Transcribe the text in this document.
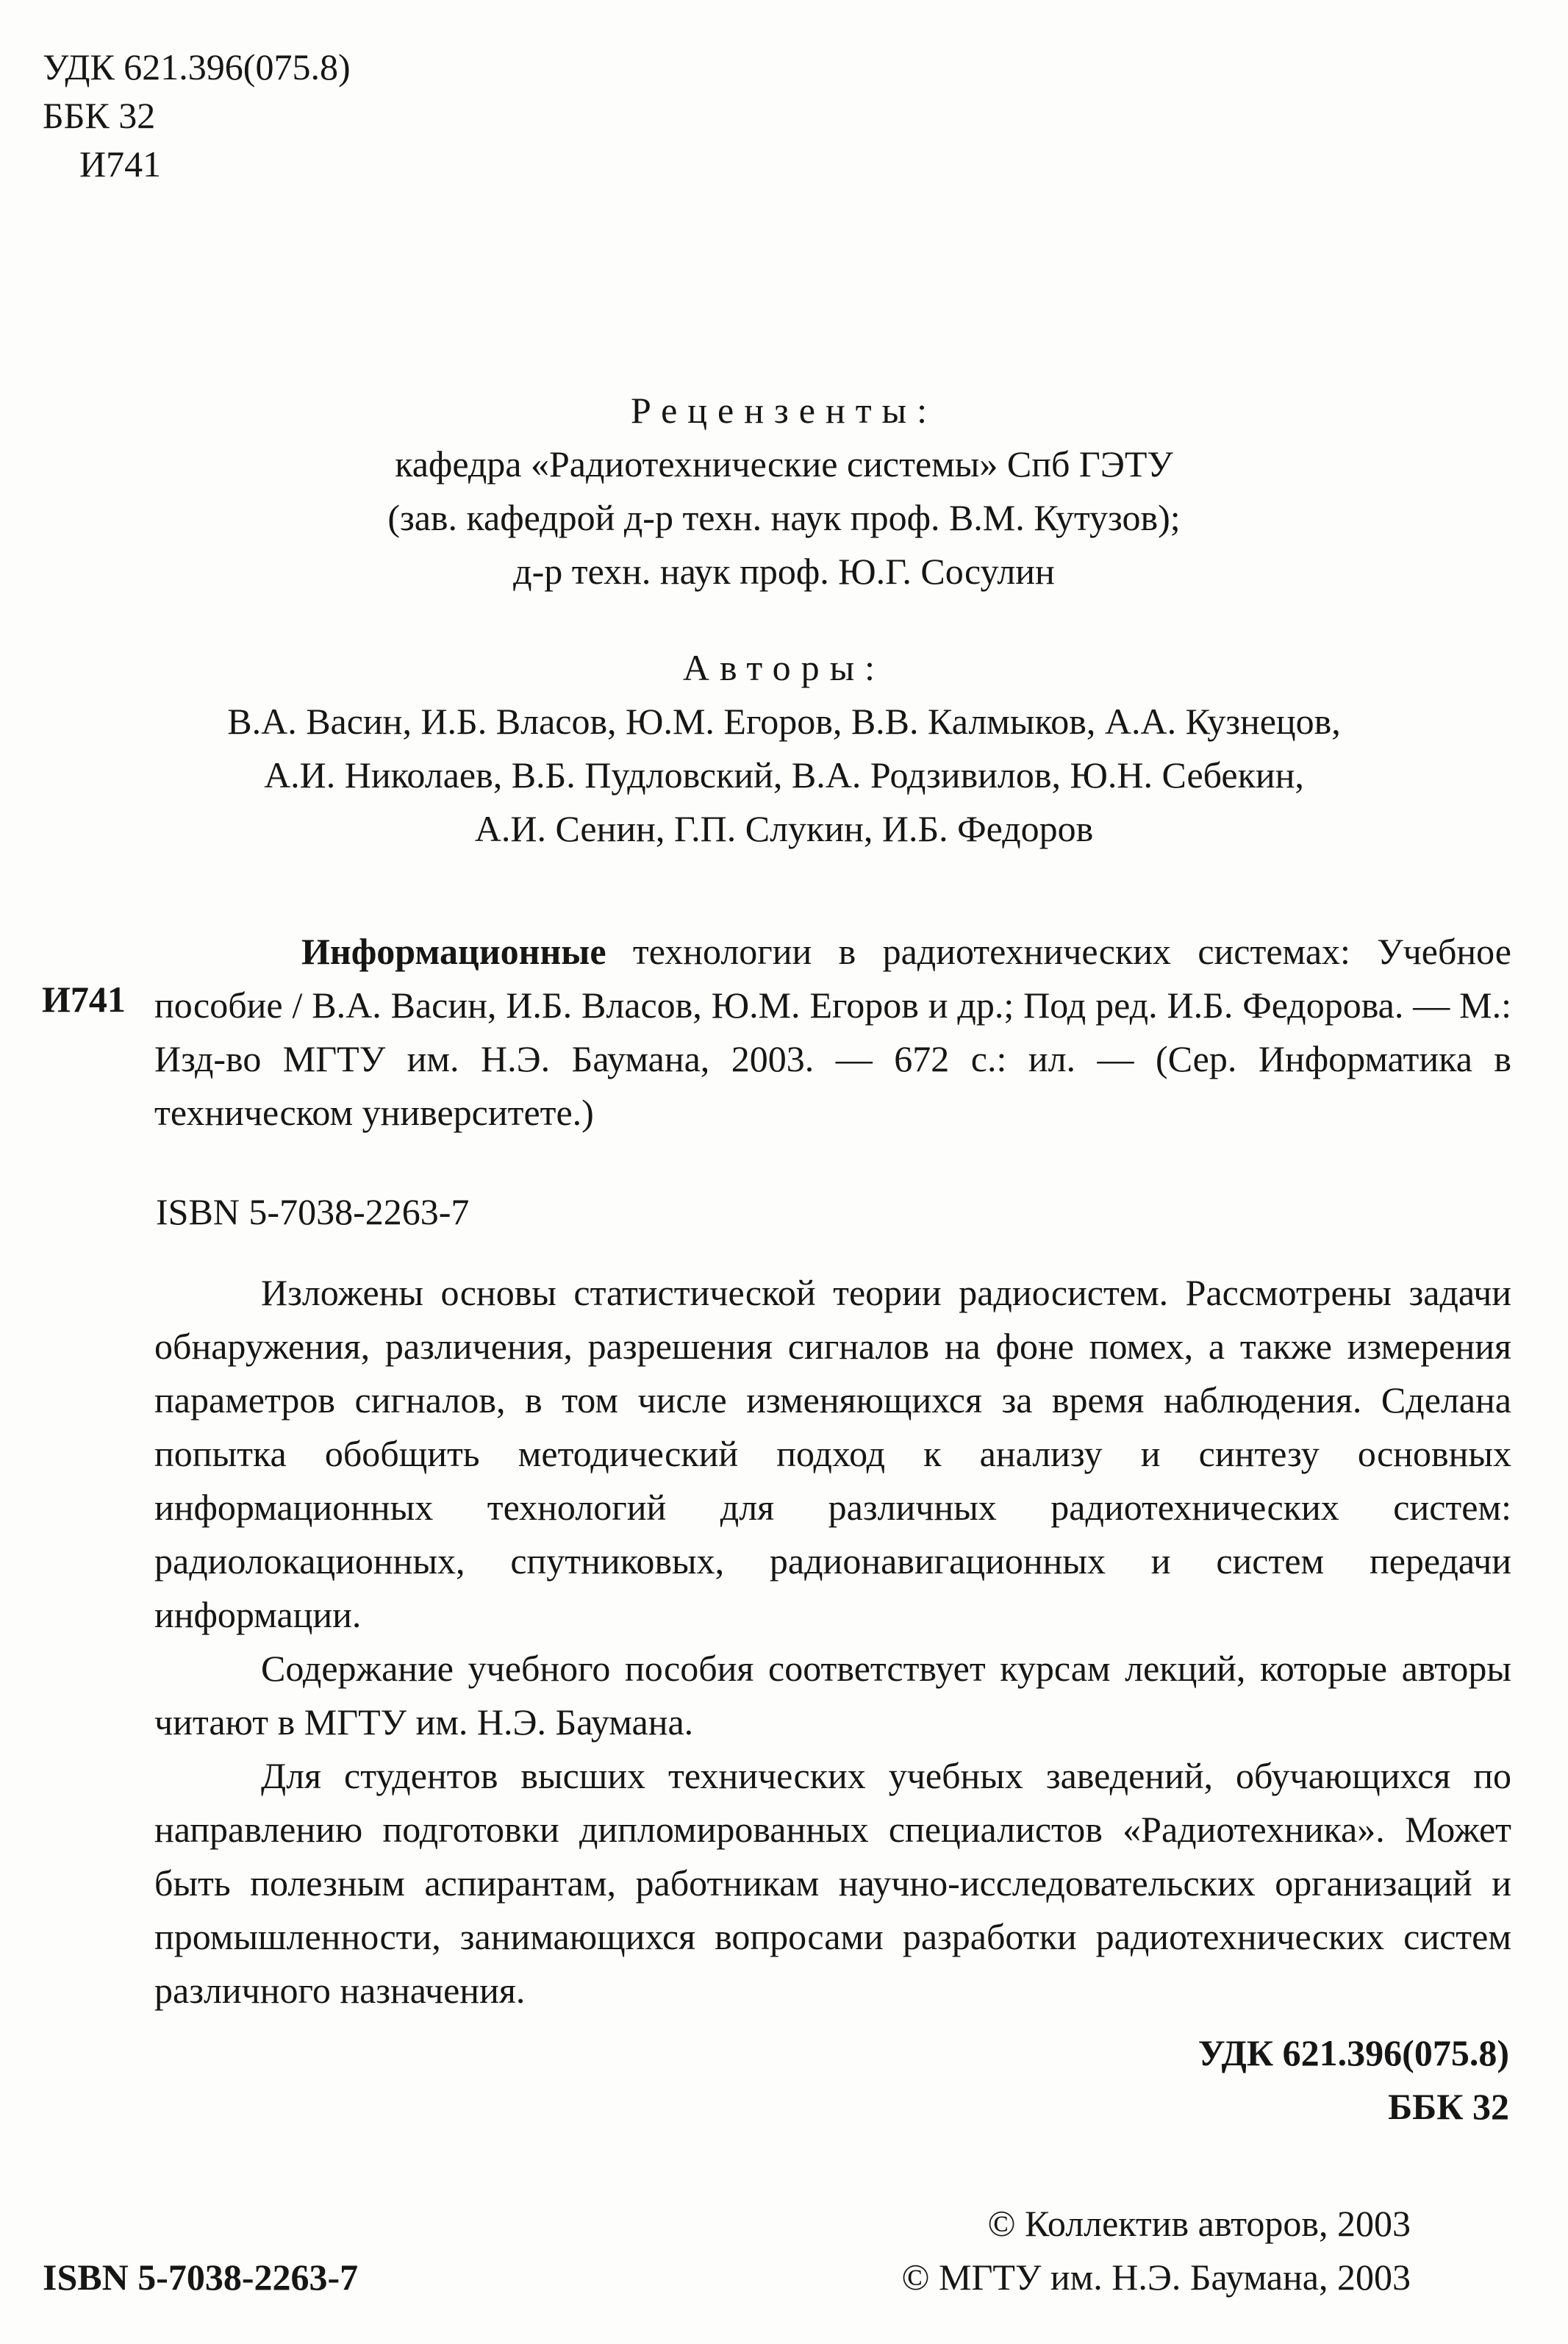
УДК 621.396(075.8)
ББК 32
И741
Рецензенты:
кафедра «Радиотехнические системы» Спб ГЭТУ
(зав. кафедрой д-р техн. наук проф. В.М. Кутузов);
д-р техн. наук проф. Ю.Г. Сосулин
Авторы:
В.А. Васин, И.Б. Власов, Ю.М. Егоров, В.В. Калмыков, А.А. Кузнецов,
А.И. Николаев, В.Б. Пудловский, В.А. Родзивилов, Ю.Н. Себекин,
А.И. Сенин, Г.П. Слукин, И.Б. Федоров
И741

Информационные технологии в радиотехнических системах: Учебное пособие / В.А. Васин, И.Б. Власов, Ю.М. Егоров и др.; Под ред. И.Б. Федорова. — М.: Изд-во МГТУ им. Н.Э. Баумана, 2003. — 672 с.: ил. — (Сер. Информатика в техническом университете.)

ISBN 5-7038-2263-7

Изложены основы статистической теории радиосистем. Рассмотрены задачи обнаружения, различения, разрешения сигналов на фоне помех, а также измерения параметров сигналов, в том числе изменяющихся за время наблюдения. Сделана попытка обобщить методический подход к анализу и синтезу основных информационных технологий для различных радиотехнических систем: радиолокационных, спутниковых, радионавигационных и систем передачи информации.

Содержание учебного пособия соответствует курсам лекций, которые авторы читают в МГТУ им. Н.Э. Баумана.

Для студентов высших технических учебных заведений, обучающихся по направлению подготовки дипломированных специалистов «Радиотехника». Может быть полезным аспирантам, работникам научно-исследовательских организаций и промышленности, занимающихся вопросами разработки радиотехнических систем различного назначения.

УДК 621.396(075.8)
ББК 32
© Коллектив авторов, 2003
© МГТУ им. Н.Э. Баумана, 2003
ISBN 5-7038-2263-7
